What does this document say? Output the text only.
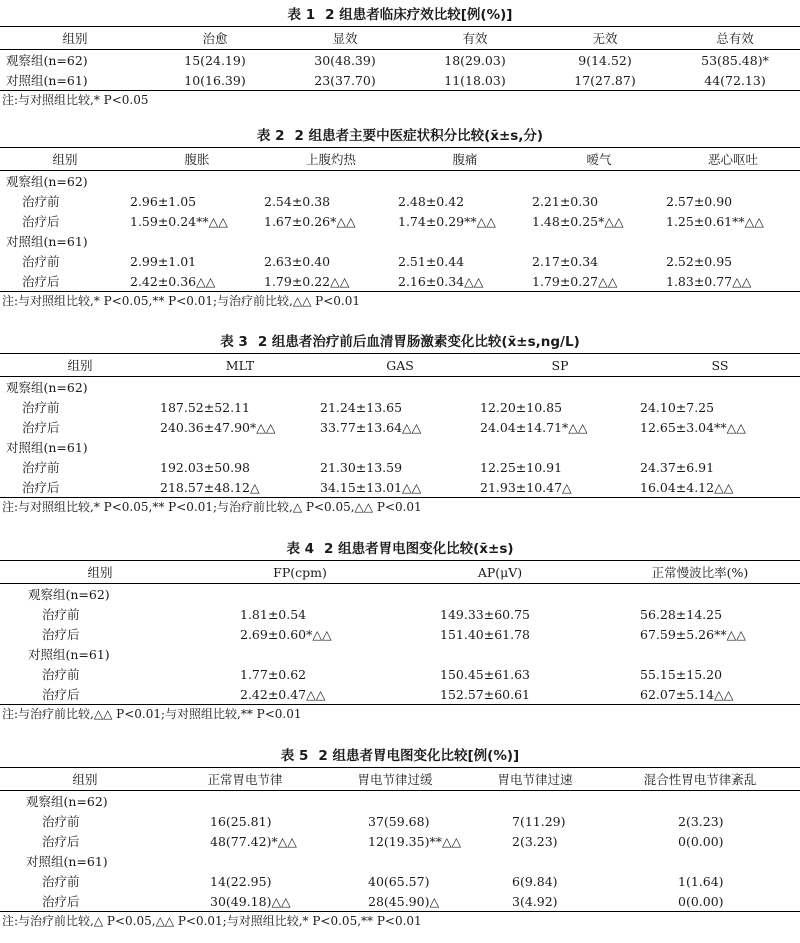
表 1 2 组患者临床疗效比较[例(%)]
组别	治愈	显效	有效	无效	总有效
观察组(n=62)	15(24.19)	30(48.39)	18(29.03)	9(14.52)	53(85.48)*
对照组(n=61)	10(16.39)	23(37.70)	11(18.03)	17(27.87)	44(72.13)
注:与对照组比较,* P<0.05
表 2 2 组患者主要中医症状积分比较(x̄±s,分)
组别	腹胀	上腹灼热	腹痛	嗳气	恶心呕吐
观察组(n=62)					
治疗前	2.96±1.05	2.54±0.38	2.48±0.42	2.21±0.30	2.57±0.90
治疗后	1.59±0.24**△△	1.67±0.26*△△	1.74±0.29**△△	1.48±0.25*△△	1.25±0.61**△△
对照组(n=61)					
治疗前	2.99±1.01	2.63±0.40	2.51±0.44	2.17±0.34	2.52±0.95
治疗后	2.42±0.36△△	1.79±0.22△△	2.16±0.34△△	1.79±0.27△△	1.83±0.77△△
注:与对照组比较,* P<0.05,** P<0.01;与治疗前比较,△△ P<0.01
表 3 2 组患者治疗前后血清胃肠激素变化比较(x̄±s,ng/L)
组别	MLT	GAS	SP	SS
观察组(n=62)				
治疗前	187.52±52.11	21.24±13.65	12.20±10.85	24.10±7.25
治疗后	240.36±47.90*△△	33.77±13.64△△	24.04±14.71*△△	12.65±3.04**△△
对照组(n=61)				
治疗前	192.03±50.98	21.30±13.59	12.25±10.91	24.37±6.91
治疗后	218.57±48.12△	34.15±13.01△△	21.93±10.47△	16.04±4.12△△
注:与对照组比较,* P<0.05,** P<0.01;与治疗前比较,△ P<0.05,△△ P<0.01
表 4 2 组患者胃电图变化比较(x̄±s)
组别	FP(cpm)	AP(μV)	正常慢波比率(%)
观察组(n=62)			
治疗前	1.81±0.54	149.33±60.75	56.28±14.25
治疗后	2.69±0.60*△△	151.40±61.78	67.59±5.26**△△
对照组(n=61)			
治疗前	1.77±0.62	150.45±61.63	55.15±15.20
治疗后	2.42±0.47△△	152.57±60.61	62.07±5.14△△
注:与治疗前比较,△△ P<0.01;与对照组比较,** P<0.01
表 5 2 组患者胃电图变化比较[例(%)]
组别	正常胃电节律	胃电节律过缓	胃电节律过速	混合性胃电节律紊乱
观察组(n=62)				
治疗前	16(25.81)	37(59.68)	7(11.29)	2(3.23)
治疗后	48(77.42)*△△	12(19.35)**△△	2(3.23)	0(0.00)
对照组(n=61)				
治疗前	14(22.95)	40(65.57)	6(9.84)	1(1.64)
治疗后	30(49.18)△△	28(45.90)△	3(4.92)	0(0.00)
注:与治疗前比较,△ P<0.05,△△ P<0.01;与对照组比较,* P<0.05,** P<0.01
